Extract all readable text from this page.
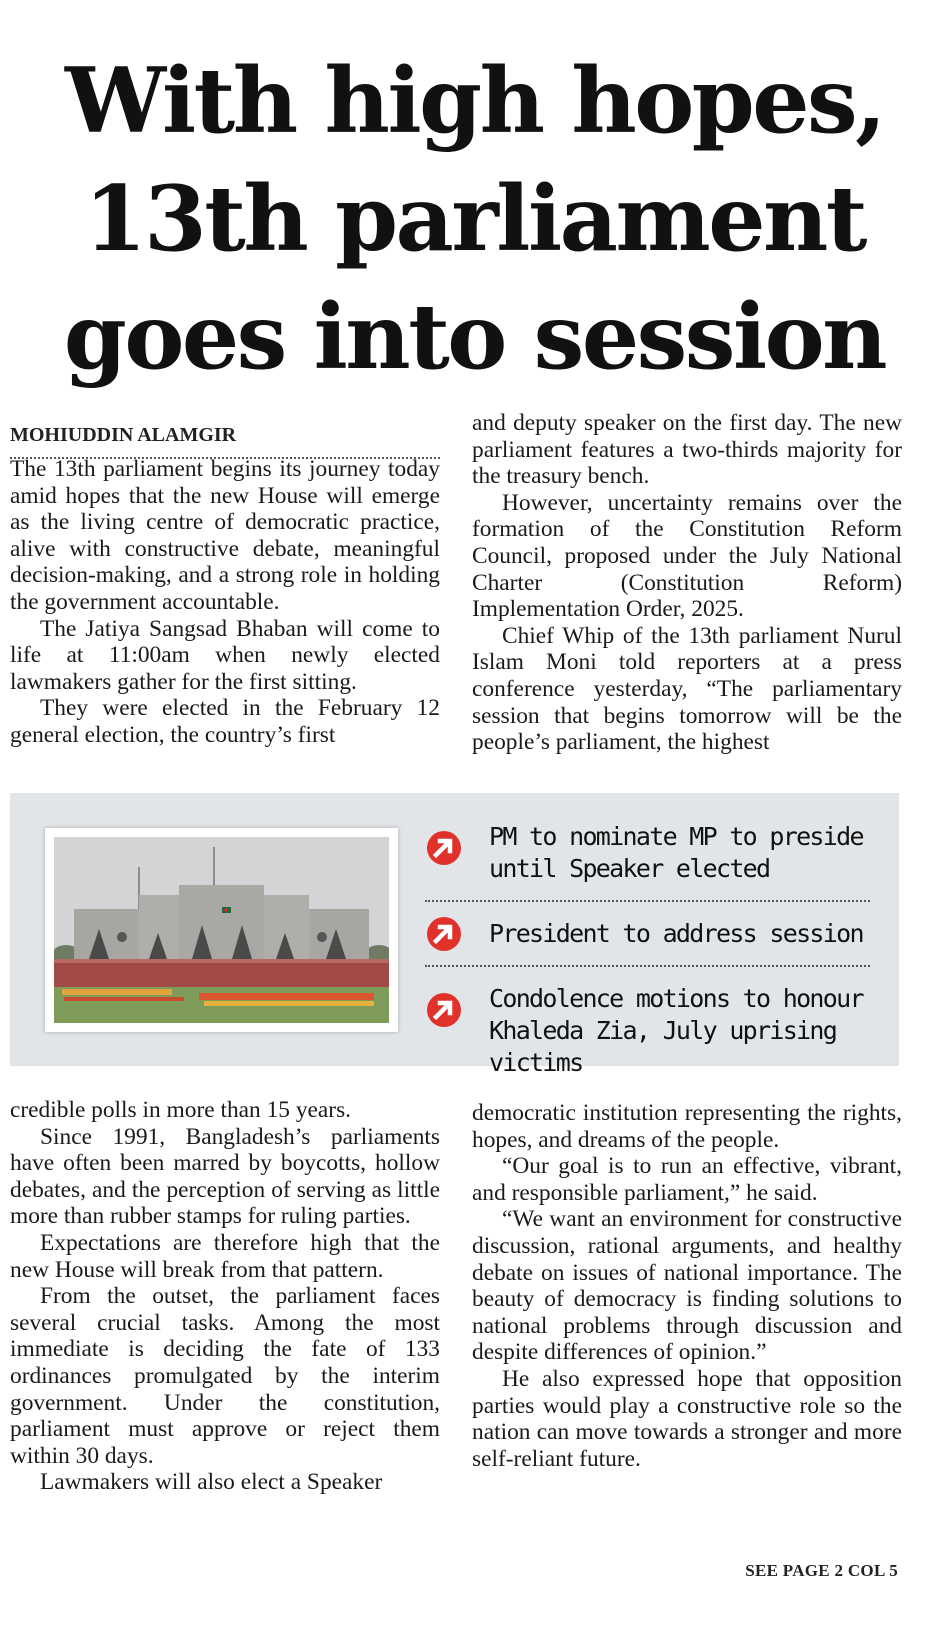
With high hopes,
13th parliament
goes into session
MOHIUDDIN ALAMGIR

The 13th parliament begins its journey today amid hopes that the new House will emerge as the living centre of democratic practice, alive with constructive debate, meaningful decision-making, and a strong role in holding the government accountable.

The Jatiya Sangsad Bhaban will come to life at 11:00am when newly elected lawmakers gather for the first sitting.

They were elected in the February 12 general election, the country’s first

and deputy speaker on the first day. The new parliament features a two-thirds majority for the treasury bench.

However, uncertainty remains over the formation of the Constitution Reform Council, proposed under the July National Charter (Constitution Reform) Implementation Order, 2025.

Chief Whip of the 13th parliament Nurul Islam Moni told reporters at a press conference yesterday, “The parliamentary session that begins tomorrow will be the people’s parliament, the highest

PM to nominate MP to preside until Speaker elected
President to address session
Condolence motions to honour Khaleda Zia, July uprising victims

credible polls in more than 15 years.

Since 1991, Bangladesh’s parliaments have often been marred by boycotts, hollow debates, and the perception of serving as little more than rubber stamps for ruling parties.

Expectations are therefore high that the new House will break from that pattern.

From the outset, the parliament faces several crucial tasks. Among the most immediate is deciding the fate of 133 ordinances promulgated by the interim government. Under the constitution, parliament must approve or reject them within 30 days.

Lawmakers will also elect a Speaker

democratic institution representing the rights, hopes, and dreams of the people.

“Our goal is to run an effective, vibrant, and responsible parliament,” he said.

“We want an environment for constructive discussion, rational arguments, and healthy debate on issues of national importance. The beauty of democracy is finding solutions to national problems through discussion and despite differences of opinion.”

He also expressed hope that opposition parties would play a constructive role so the nation can move towards a stronger and more self-reliant future.

SEE PAGE 2 COL 5
